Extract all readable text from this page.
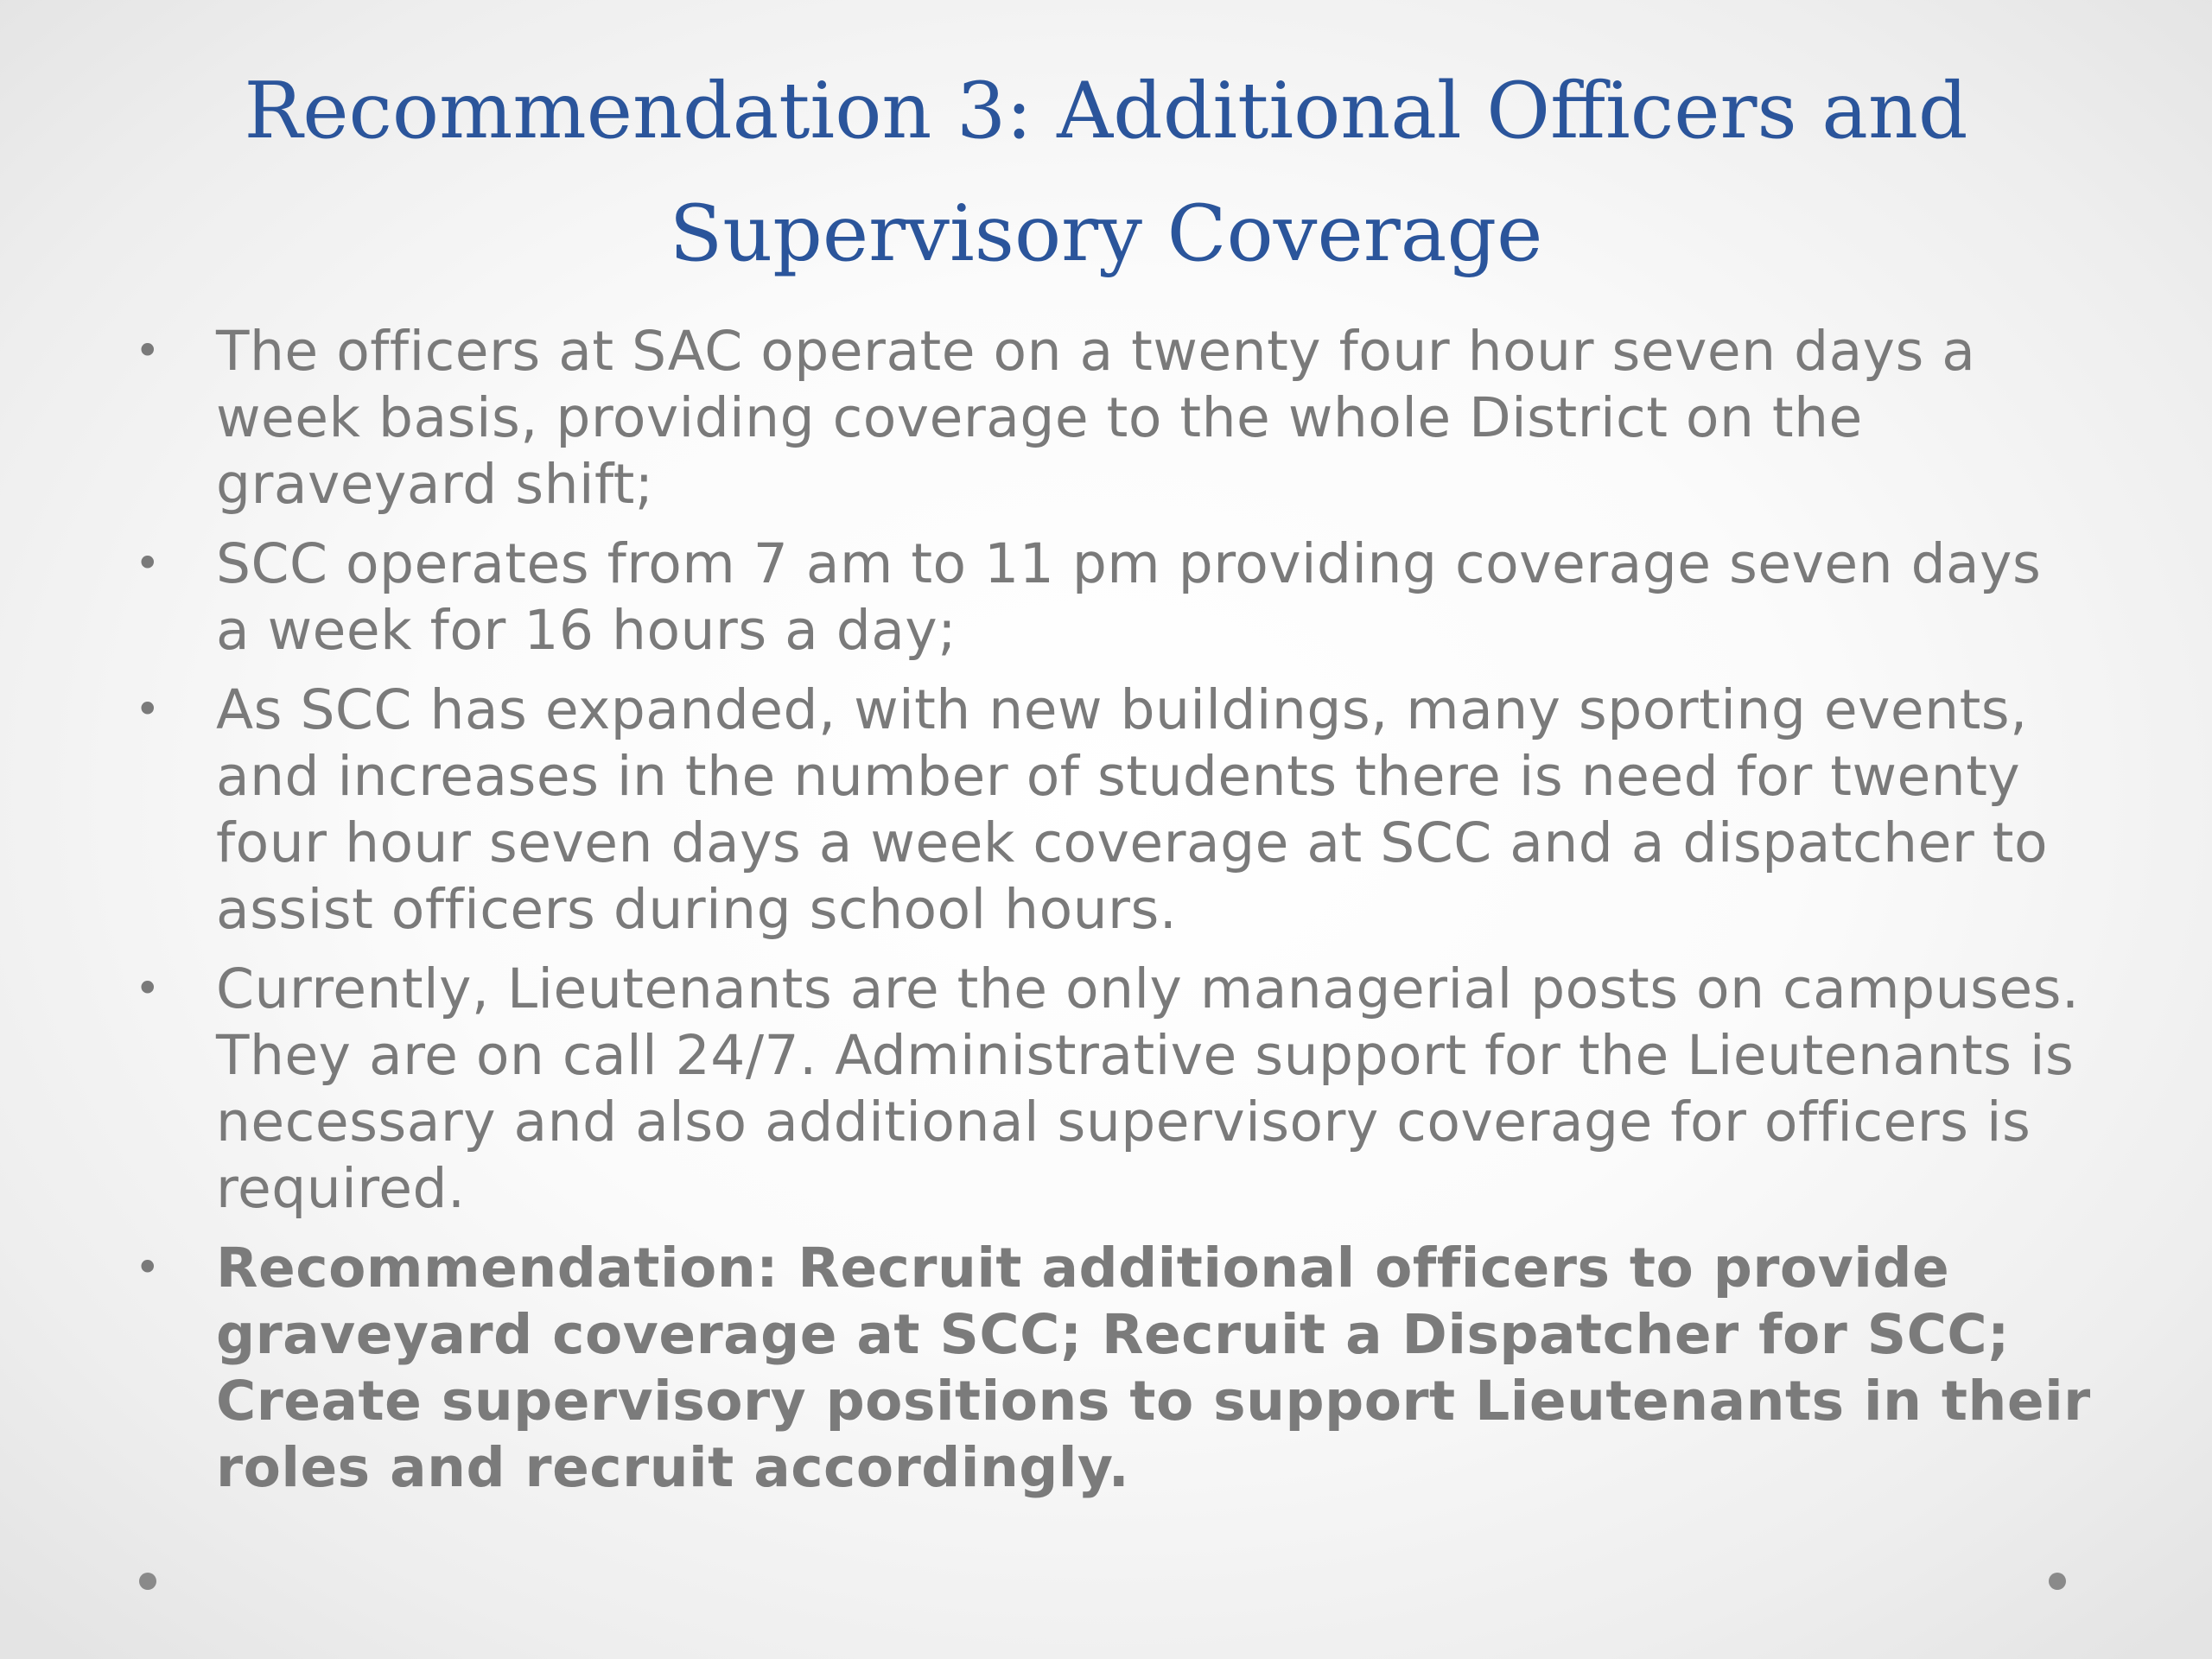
Recommendation 3: Additional Officers and Supervisory Coverage
• The officers at SAC operate on a twenty four hour seven days a week basis, providing coverage to the whole District on the graveyard shift;
• SCC operates from 7 am to 11 pm providing coverage seven days a week for 16 hours a day;
• As SCC has expanded, with new buildings, many sporting events, and increases in the number of students there is need for twenty four hour seven days a week coverage at SCC and a dispatcher to assist officers during school hours.
• Currently, Lieutenants are the only managerial posts on campuses. They are on call 24/7. Administrative support for the Lieutenants is necessary and also additional supervisory coverage for officers is required.
• Recommendation: Recruit additional officers to provide graveyard coverage at SCC; Recruit a Dispatcher for SCC; Create supervisory positions to support Lieutenants in their roles and recruit accordingly.
